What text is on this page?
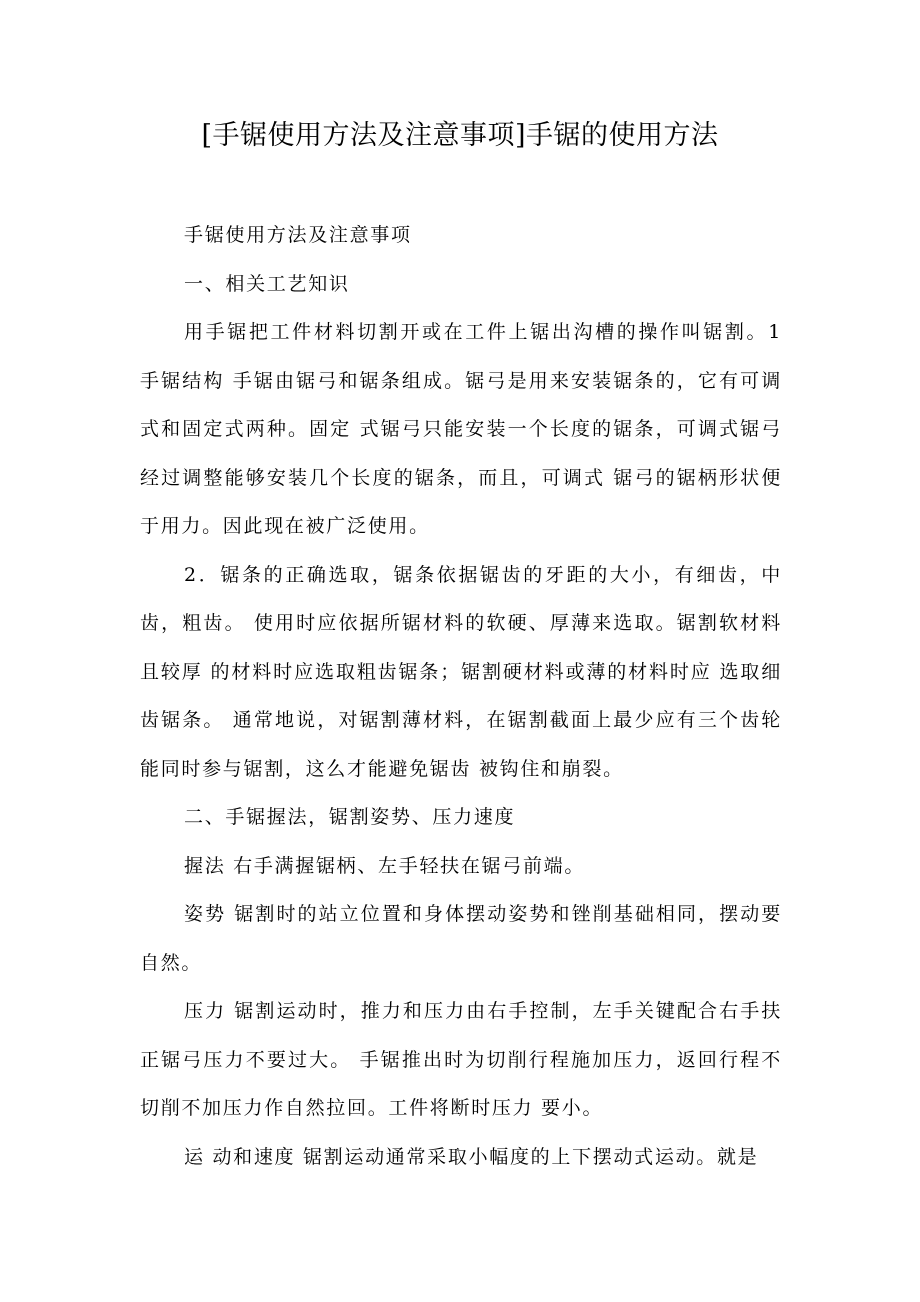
[手锯使用方法及注意事项]手锯的使用方法

手锯使用方法及注意事项

一、相关工艺知识

用手锯把工件材料切割开或在工件上锯出沟槽的操作叫锯割。1 手锯结构 手锯由锯弓和锯条组成。锯弓是用来安装锯条的，它有可调式和固定式两种。固定 式锯弓只能安装一个长度的锯条，可调式锯弓经过调整能够安装几个长度的锯条，而且，可调式 锯弓的锯柄形状便于用力。因此现在被广泛使用。

2．锯条的正确选取，锯条依据锯齿的牙距的大小，有细齿，中齿，粗齿。 使用时应依据所锯材料的软硬、厚薄来选取。锯割软材料且较厚 的材料时应选取粗齿锯条；锯割硬材料或薄的材料时应 选取细齿锯条。 通常地说，对锯割薄材料，在锯割截面上最少应有三个齿轮能同时参与锯割，这么才能避免锯齿 被钩住和崩裂。

二、手锯握法，锯割姿势、压力速度

握法 右手满握锯柄、左手轻扶在锯弓前端。

姿势 锯割时的站立位置和身体摆动姿势和锉削基础相同，摆动要自然。

压力 锯割运动时，推力和压力由右手控制，左手关键配合右手扶正锯弓压力不要过大。 手锯推出时为切削行程施加压力，返回行程不切削不加压力作自然拉回。工件将断时压力 要小。

运 动和速度 锯割运动通常采取小幅度的上下摆动式运动。就是
